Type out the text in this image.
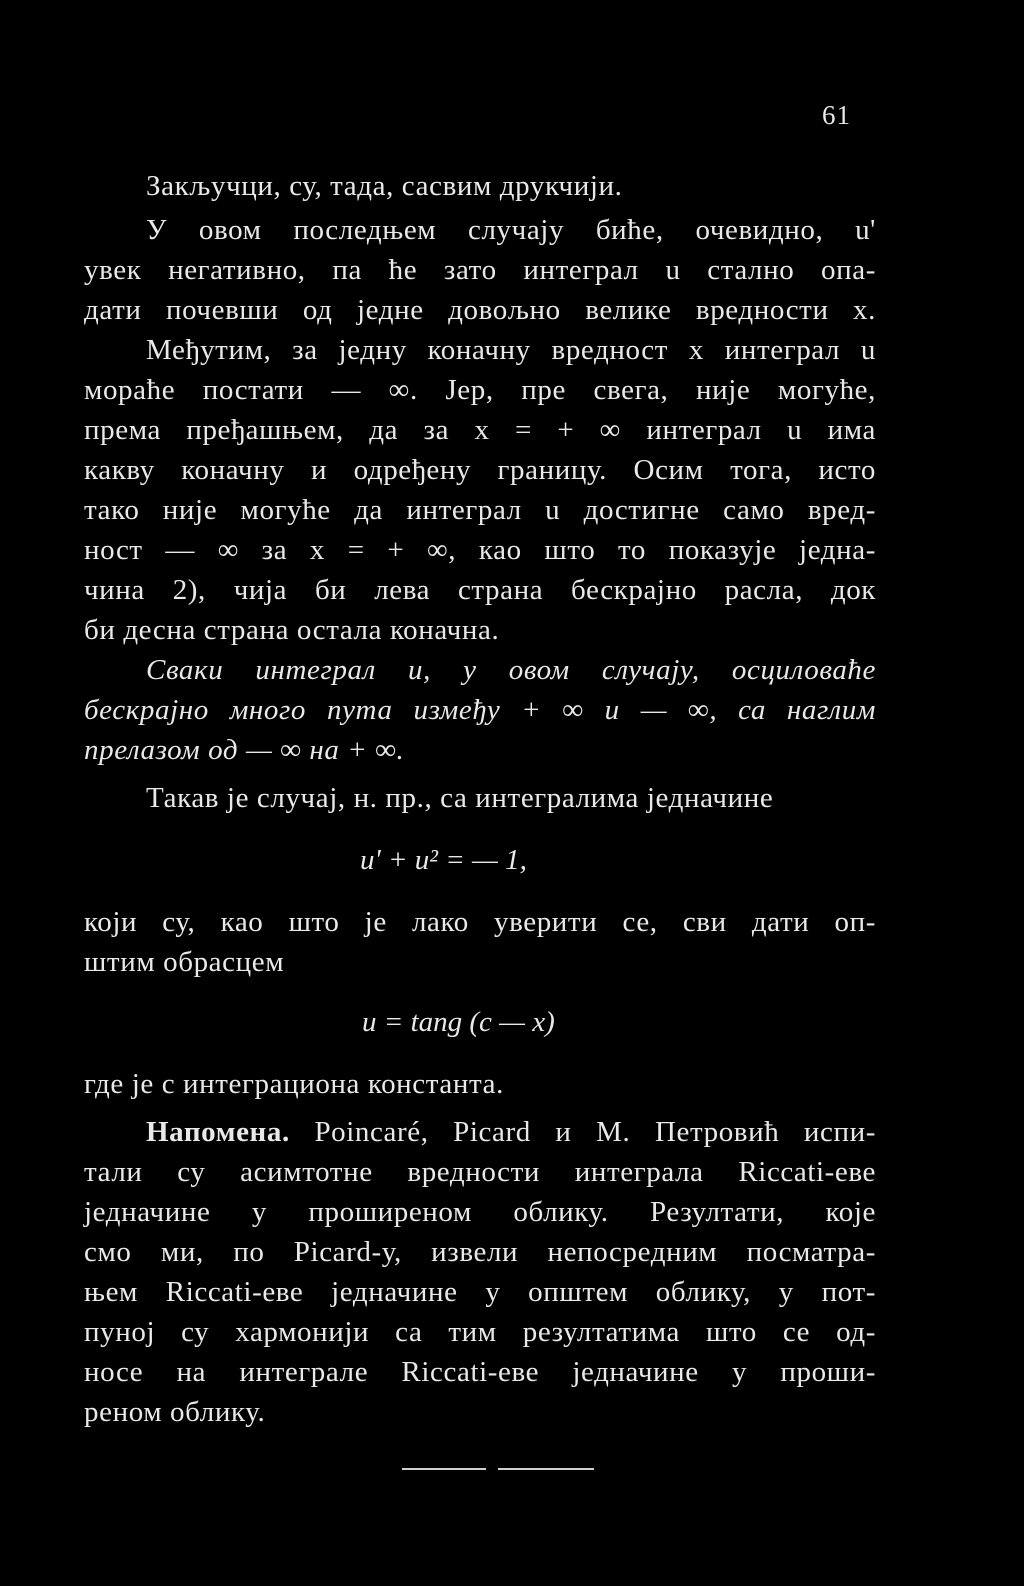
61
Закључци, су, тада, сасвим друкчији.
У овом последњем случају биће, очевидно, u'
увек негативно, па ће зато интеграл u стално опа-
дати почевши од једне довољно велике вредности x.
Међутим, за једну коначну вредност x интеграл u
мораће постати — ∞. Јер, пре свега, није могуће,
према пређашњем, да за x = + ∞ интеграл u има
какву коначну и одређену границу. Осим тога, исто
тако није могуће да интеграл u достигне само вред-
ност — ∞ за x = + ∞, као што то показује једна-
чина 2), чија би лева страна бескрајно расла, док
би десна страна остала коначна.
Сваки интеграл u, у овом случају, осциловаће
бескрајно много пута између + ∞ и — ∞, са наглим
прелазом од — ∞ на + ∞.
Такав је случај, н. пр., са интегралима једначине
u' + u² = — 1,
који су, као што је лако уверити се, сви дати оп-
штим обрасцем
u = tang (c — x)
где је c интеграциона константа.
Напомена. Poincaré, Picard и M. Петровић испи-
тали су асимтотне вредности интеграла Riccati-еве
једначине у проширеном облику. Резултати, које
смо ми, по Picard-у, извели непосредним посматра-
њем Riccati-еве једначине у општем облику, у пот-
пуној су хармонији са тим резултатима што се од-
носе на интеграле Riccati-еве једначине у проши-
реном облику.
